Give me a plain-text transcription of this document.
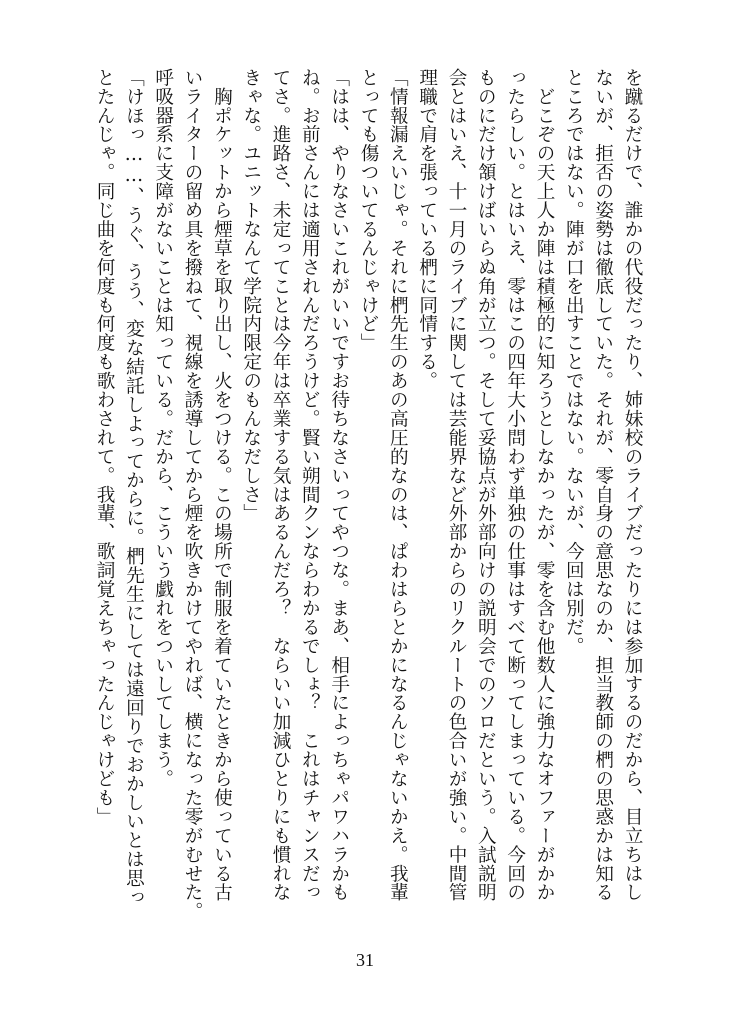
を蹴るだけで、誰かの代役だったり、姉妹校のライブだったりには参加するのだから、目立ちはし
ないが、拒否の姿勢は徹底していた。それが、零自身の意思なのか、担当教師の椚の思惑かは知る
ところではない。陣が口を出すことではない。ないが、今回は別だ。
　どこぞの天上人か陣は積極的に知ろうとしなかったが、零を含む他数人に強力なオファーがかか
ったらしい。とはいえ、零はこの四年大小問わず単独の仕事はすべて断ってしまっている。今回の
ものにだけ頷けばいらぬ角が立つ。そして妥協点が外部向けの説明会でのソロだという。入試説明
会とはいえ、十一月のライブに関しては芸能界など外部からのリクルートの色合いが強い。中間管
理職で肩を張っている椚に同情する。
「情報漏えいじゃ。それに椚先生のあの高圧的なのは、ぱわはらとかになるんじゃないかえ。我輩
とっても傷ついてるんじゃけど」
「はは、やりなさいこれがいいですお待ちなさいってやつな。まあ、相手によっちゃパワハラかも
ね。お前さんには適用されんだろうけど。賢い朔間クンならわかるでしょ？　これはチャンスだっ
てさ。進路さ、未定ってことは今年は卒業する気はあるんだろ？　ならいい加減ひとりにも慣れな
きゃな。ユニットなんて学院内限定のもんなだしさ」
　胸ポケットから煙草を取り出し、火をつける。この場所で制服を着ていたときから使っている古
いライターの留め具を撥ねて、視線を誘導してから煙を吹きかけてやれば、横になった零がむせた。
呼吸器系に支障がないことは知っている。だから、こういう戯れをついしてしまう。
「けほっ……、うぐ、うう、変な結託しよってからに。椚先生にしては遠回りでおかしいとは思っ
とたんじゃ。同じ曲を何度も何度も歌わされて。我輩、歌詞覚えちゃったんじゃけども」
31
